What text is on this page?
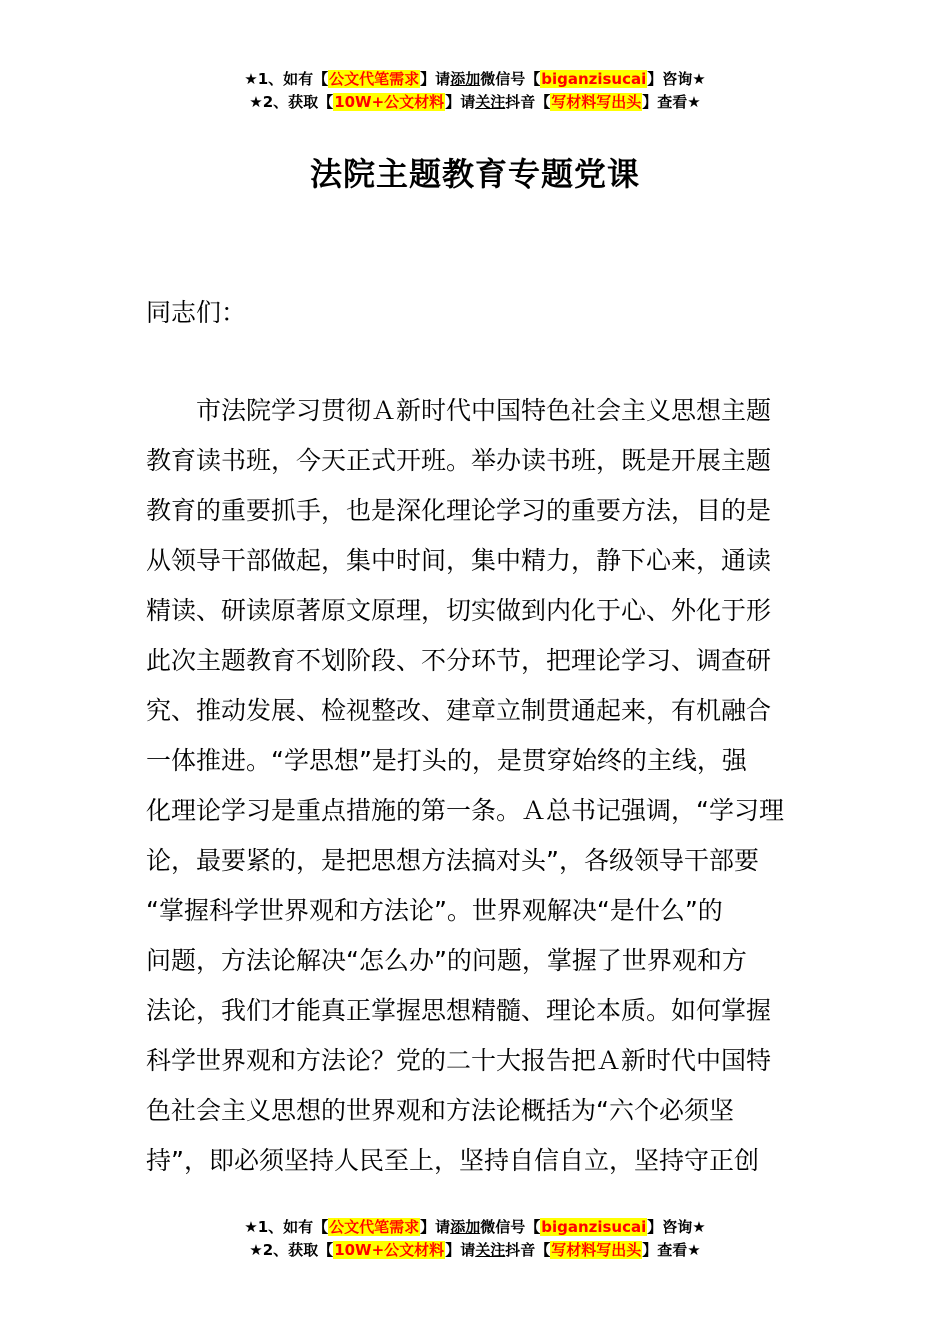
★1、如有【公文代笔需求】请添加微信号【biganzisucai】咨询★
★2、获取【10W+公文材料】请关注抖音【写材料写出头】查看★
法院主题教育专题党课
同志们：
　　市法院学习贯彻Ａ新时代中国特色社会主义思想主题
教育读书班，今天正式开班。举办读书班，既是开展主题
教育的重要抓手，也是深化理论学习的重要方法，目的是
从领导干部做起，集中时间，集中精力，静下心来，通读
精读、研读原著原文原理，切实做到内化于心、外化于形
此次主题教育不划阶段、不分环节，把理论学习、调查研
究、推动发展、检视整改、建章立制贯通起来，有机融合
一体推进。“学思想”是打头的，是贯穿始终的主线，强
化理论学习是重点措施的第一条。Ａ总书记强调，“学习理
论，最要紧的，是把思想方法搞对头”，各级领导干部要
“掌握科学世界观和方法论”。世界观解决“是什么”的
问题，方法论解决“怎么办”的问题，掌握了世界观和方
法论，我们才能真正掌握思想精髓、理论本质。如何掌握
科学世界观和方法论？党的二十大报告把Ａ新时代中国特
色社会主义思想的世界观和方法论概括为“六个必须坚
持”，即必须坚持人民至上，坚持自信自立，坚持守正创
★1、如有【公文代笔需求】请添加微信号【biganzisucai】咨询★
★2、获取【10W+公文材料】请关注抖音【写材料写出头】查看★
